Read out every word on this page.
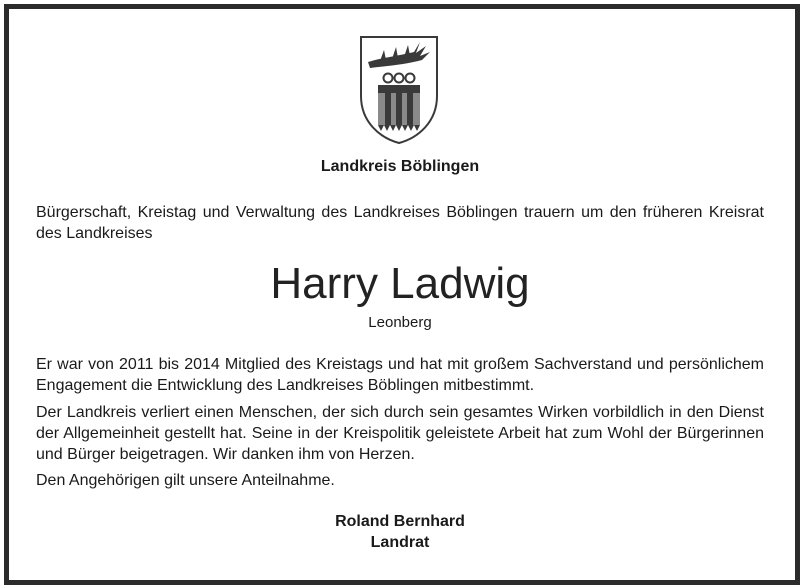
Landkreis Böblingen
Bürgerschaft, Kreistag und Verwaltung des Landkreises Böblingen trauern um den früheren Kreisrat des Landkreises
Harry Ladwig
Leonberg
Er war von 2011 bis 2014 Mitglied des Kreistags und hat mit großem Sachverstand und persönlichem Engagement die Entwicklung des Landkreises Böblingen mitbestimmt.
Der Landkreis verliert einen Menschen, der sich durch sein gesamtes Wirken vorbildlich in den Dienst der Allgemeinheit gestellt hat. Seine in der Kreispolitik geleistete Arbeit hat zum Wohl der Bürgerinnen und Bürger beigetragen. Wir danken ihm von Herzen.
Den Angehörigen gilt unsere Anteilnahme.
Roland Bernhard
Landrat
